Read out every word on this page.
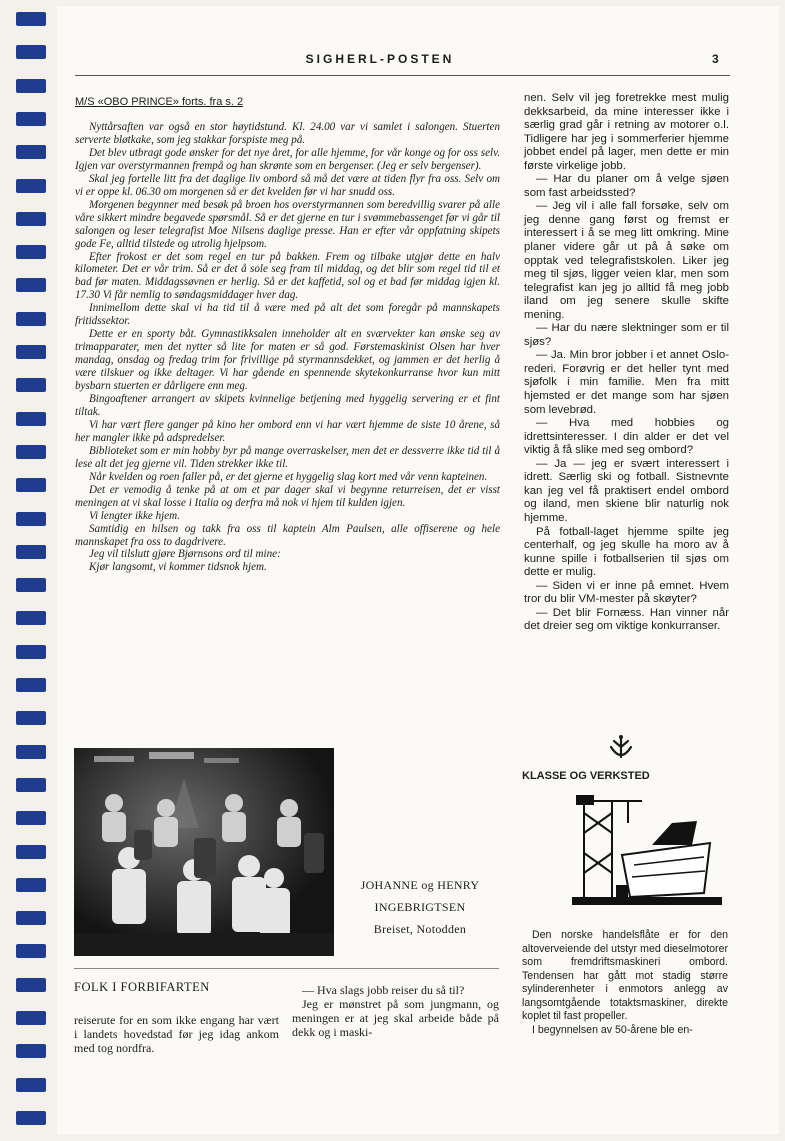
SIGHERL-POSTEN	3
M/S «OBO PRINCE» forts. fra s. 2

Nyttårsaften var også en stor høytidstund. Kl. 24.00 var vi samlet i salongen. Stuerten serverte bløtkake, som jeg stakkar forspiste meg på.

Det blev utbragt gode ønsker for det nye året, for alle hjemme, for vår konge og for oss selv. Igjen var overstyrmannen frempå og han skrønte som en bergenser. (Jeg er selv bergenser).

Skal jeg fortelle litt fra det daglige liv ombord så må det være at tiden flyr fra oss. Selv om vi er oppe kl. 06.30 om morgenen så er det kvelden før vi har snudd oss.

Morgenen begynner med besøk på broen hos overstyrmannen som beredvillig svarer på alle våre sikkert mindre begavede spørsmål. Så er det gjerne en tur i svømmebassenget før vi går til salongen og leser telegrafist Moe Nilsens daglige presse. Han er efter vår oppfatning skipets gode Fe, alltid tilstede og utrolig hjelpsom.

Efter frokost er det som regel en tur på bakken. Frem og tilbake utgjør dette en halv kilometer. Det er vår trim. Så er det å sole seg fram til middag, og det blir som regel tid til et bad før maten. Middagssøvnen er herlig. Så er det kaffetid, sol og et bad før middag igjen kl. 17.30 Vi får nemlig to søndagsmiddager hver dag.

Innimellom dette skal vi ha tid til å være med på alt det som foregår på mannskapets fritidssektor.

Dette er en sporty båt. Gymnastikksalen inneholder alt en sværvekter kan ønske seg av trimapparater, men det nytter så lite for maten er så god. Førstemaskinist Olsen har hver mandag, onsdag og fredag trim for frivillige på styrmannsdekket, og jammen er det herlig å være tilskuer og ikke deltager. Vi har gående en spennende skytekonkurranse hvor kun mitt bysbarn stuerten er dårligere enn meg.

Bingoaftener arrangert av skipets kvinnelige betjening med hyggelig servering er et fint tiltak.

Vi har vært flere ganger på kino her ombord enn vi har vært hjemme de siste 10 årene, så her mangler ikke på adspredelser.

Biblioteket som er min hobby byr på mange overraskelser, men det er dessverre ikke tid til å lese alt det jeg gjerne vil. Tiden strekker ikke til.

Når kvelden og roen faller på, er det gjerne et hyggelig slag kort med vår venn kapteinen.

Det er vemodig å tenke på at om et par dager skal vi begynne returreisen, det er visst meningen at vi skal losse i Italia og derfra må nok vi hjem til kulden igjen.

Vi lengter ikke hjem.

Samtidig en hilsen og takk fra oss til kaptein Alm Paulsen, alle offiserene og hele mannskapet fra oss to dagdrivere.

Jeg vil tilslutt gjøre Bjørnsons ord til mine:

Kjør langsomt, vi kommer tidsnok hjem.

nen. Selv vil jeg foretrekke mest mulig dekksarbeid, da mine interesser ikke i særlig grad går i retning av motorer o.l. Tidligere har jeg i sommerferier hjemme jobbet endel på lager, men dette er min første virkelige jobb.

— Har du planer om å velge sjøen som fast arbeidssted?

— Jeg vil i alle fall forsøke, selv om jeg denne gang først og fremst er interessert i å se meg litt omkring. Mine planer videre går ut på å søke om opptak ved telegrafistskolen. Liker jeg meg til sjøs, ligger veien klar, men som telegrafist kan jeg jo alltid få meg jobb iland om jeg senere skulle skifte mening.

— Har du nære slektninger som er til sjøs?

— Ja. Min bror jobber i et annet Oslo-rederi. Forøvrig er det heller tynt med sjøfolk i min familie. Men fra mitt hjemsted er det mange som har sjøen som levebrød.

— Hva med hobbies og idrettsinteresser. I din alder er det vel viktig å få slike med seg ombord?

— Ja — jeg er svært interessert i idrett. Særlig ski og fotball. Sistnevnte kan jeg vel få praktisert endel ombord og iland, men skiene blir naturlig nok hjemme.

På fotball-laget hjemme spilte jeg centerhalf, og jeg skulle ha moro av å kunne spille i fotballserien til sjøs om dette er mulig.

— Siden vi er inne på emnet. Hvem tror du blir VM-mester på skøyter?

— Det blir Fornæss. Han vinner når det dreier seg om viktige konkurranser.

JOHANNE og HENRY
INGEBRIGTSEN
Breiset, Notodden
FOLK I FORBIFARTEN

reiserute for en som ikke engang har vært i landets hovedstad før jeg idag ankom med tog nordfra.

— Hva slags jobb reiser du så til?

Jeg er mønstret på som jungmann, og meningen er at jeg skal arbeide både på dekk og i maski-

KLASSE OG VERKSTED

Den norske handelsflåte er for den altoverveiende del utstyr med dieselmotorer som fremdriftsmaskineri ombord. Tendensen har gått mot stadig større sylinderenheter i enmotors anlegg av langsomtgående totaktsmaskiner, direkte koplet til fast propeller.

I begynnelsen av 50-årene ble en-
